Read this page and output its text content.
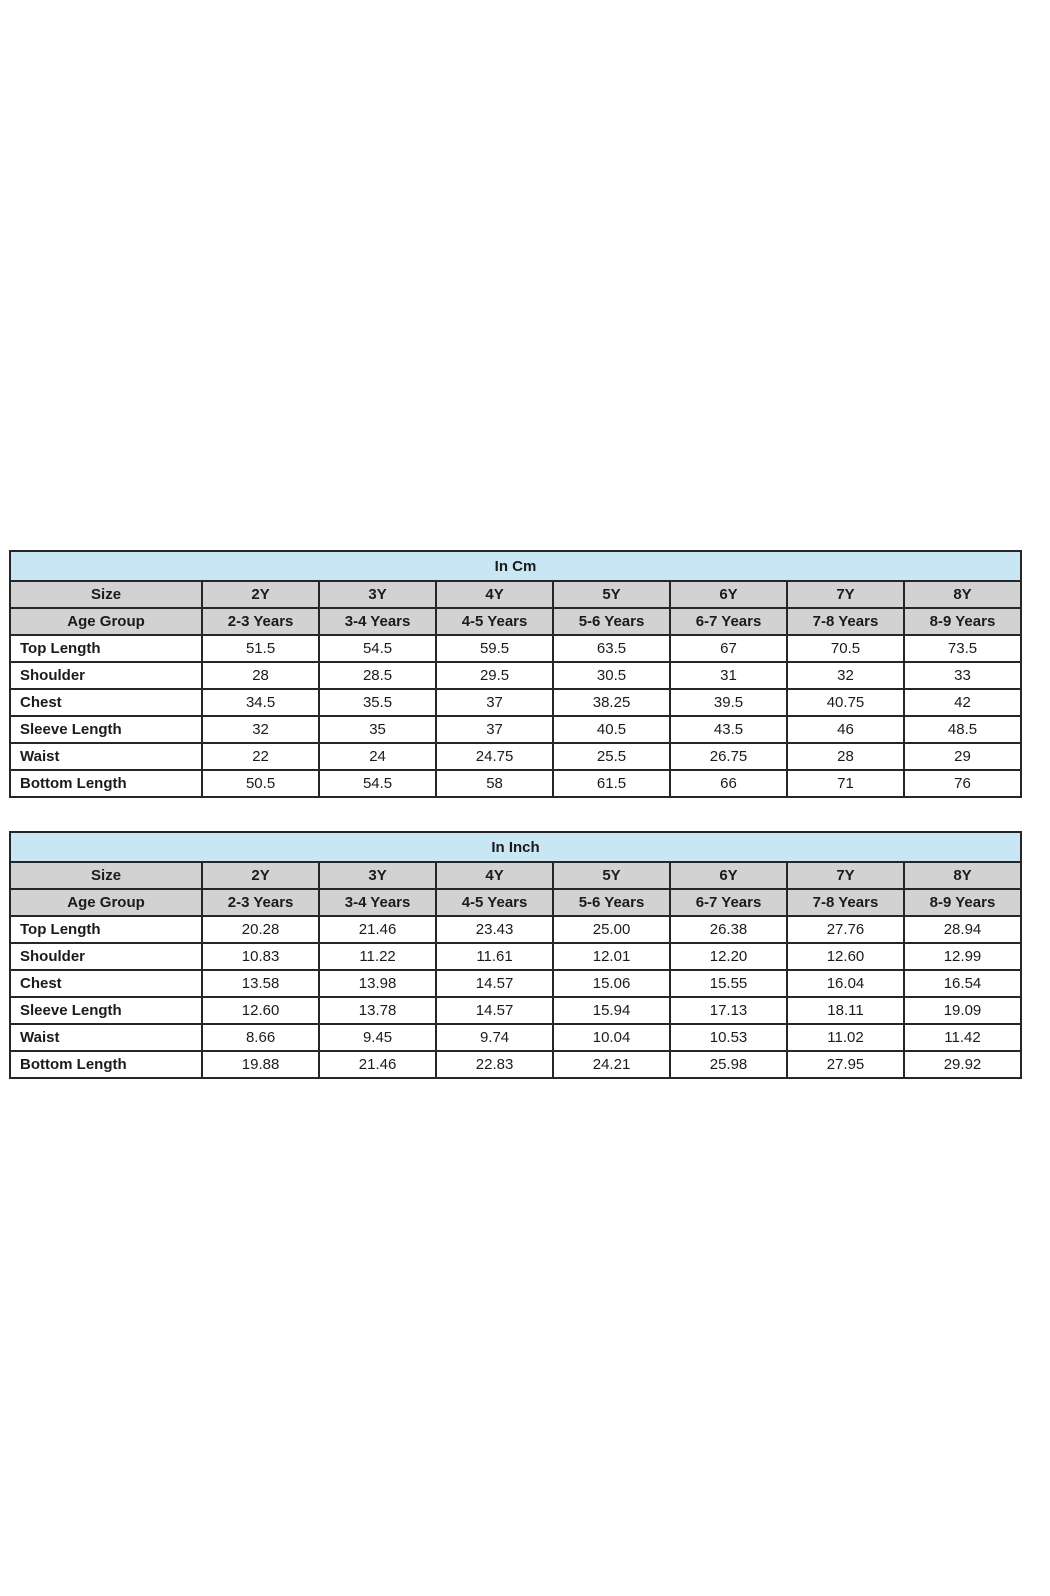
In Cm							
Size	2Y	3Y	4Y	5Y	6Y	7Y	8Y
Age Group	2-3 Years	3-4 Years	4-5 Years	5-6 Years	6-7 Years	7-8 Years	8-9 Years
Top Length	51.5	54.5	59.5	63.5	67	70.5	73.5
Shoulder	28	28.5	29.5	30.5	31	32	33
Chest	34.5	35.5	37	38.25	39.5	40.75	42
Sleeve Length	32	35	37	40.5	43.5	46	48.5
Waist	22	24	24.75	25.5	26.75	28	29
Bottom Length	50.5	54.5	58	61.5	66	71	76
In Inch							
Size	2Y	3Y	4Y	5Y	6Y	7Y	8Y
Age Group	2-3 Years	3-4 Years	4-5 Years	5-6 Years	6-7 Years	7-8 Years	8-9 Years
Top Length	20.28	21.46	23.43	25.00	26.38	27.76	28.94
Shoulder	10.83	11.22	11.61	12.01	12.20	12.60	12.99
Chest	13.58	13.98	14.57	15.06	15.55	16.04	16.54
Sleeve Length	12.60	13.78	14.57	15.94	17.13	18.11	19.09
Waist	8.66	9.45	9.74	10.04	10.53	11.02	11.42
Bottom Length	19.88	21.46	22.83	24.21	25.98	27.95	29.92
